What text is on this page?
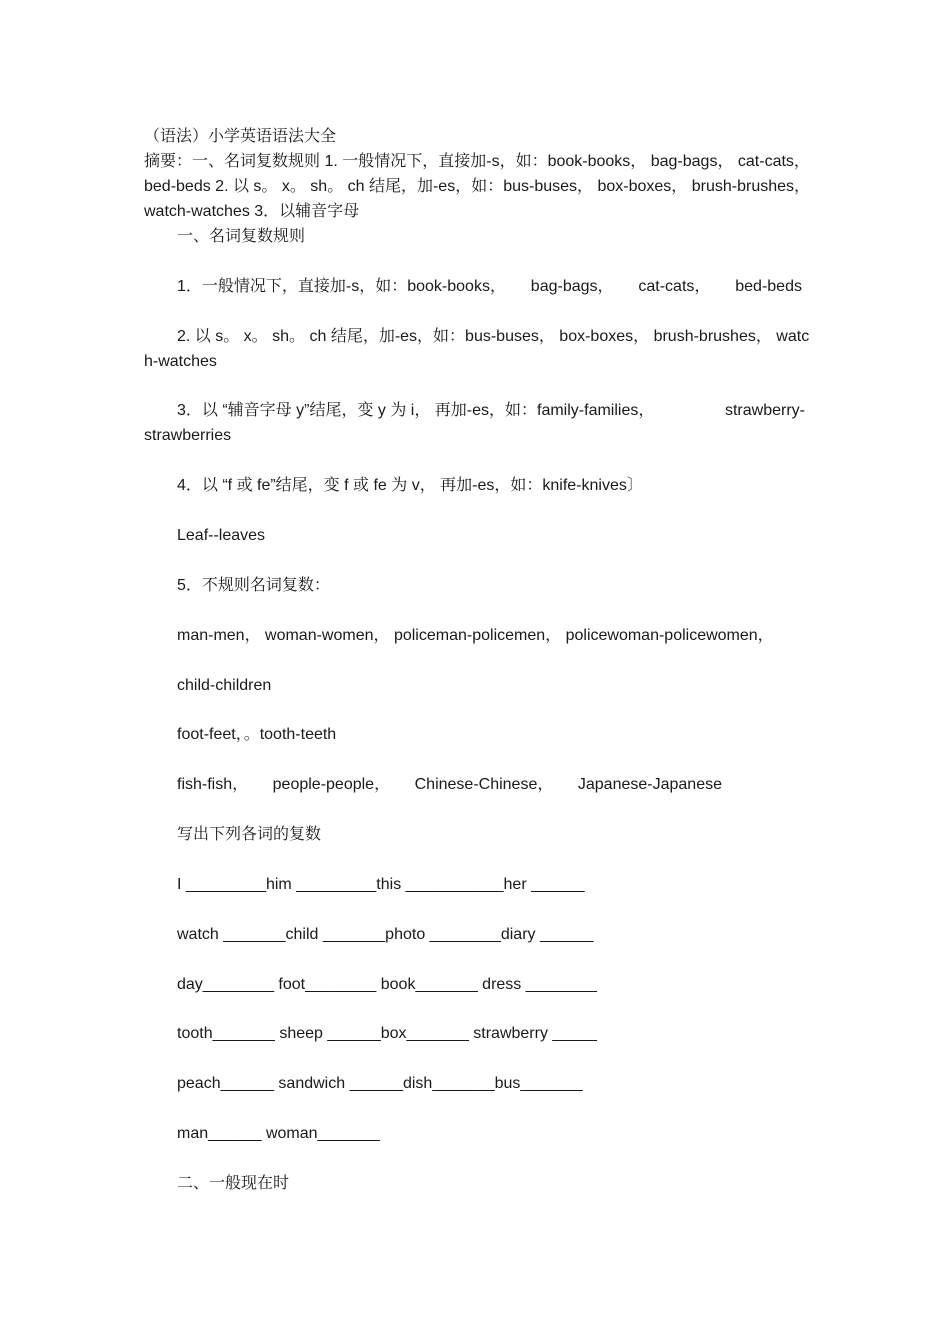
（语法）小学英语语法大全
摘要：一、名词复数规则 1. 一般情况下，直接加-s，如：book-books， bag-bags， cat-cats，
bed-beds 2. 以 s。 x。 sh。 ch 结尾，加-es，如：bus-buses， box-boxes， brush-brushes，
watch-watches 3．以辅音字母
一、名词复数规则
1．一般情况下，直接加-s，如：book-books， bag-bags， cat-cats， bed-beds
2. 以 s。 x。 sh。 ch 结尾，加-es，如：bus-buses， box-boxes， brush-brushes， watc
h-watches
3．以 “辅音字母 y”结尾，变 y 为 i， 再加-es，如：family-families，	strawberry-
strawberries
4．以 “f 或 fe”结尾，变 f 或 fe 为 v， 再加-es，如：knife-knives〕
Leaf--leaves
5．不规则名词复数：
man-men， woman-women， policeman-policemen， policewoman-policewomen，
child-children
foot-feet，。tooth-teeth
fish-fish， people-people， Chinese-Chinese， Japanese-Japanese
写出下列各词的复数
I _________him _________this ___________her ______
watch _______child _______photo ________diary ______
day________ foot________ book_______ dress ________
tooth_______ sheep ______box_______ strawberry _____
peach______ sandwich ______dish_______bus_______
man______ woman_______
二、一般现在时
